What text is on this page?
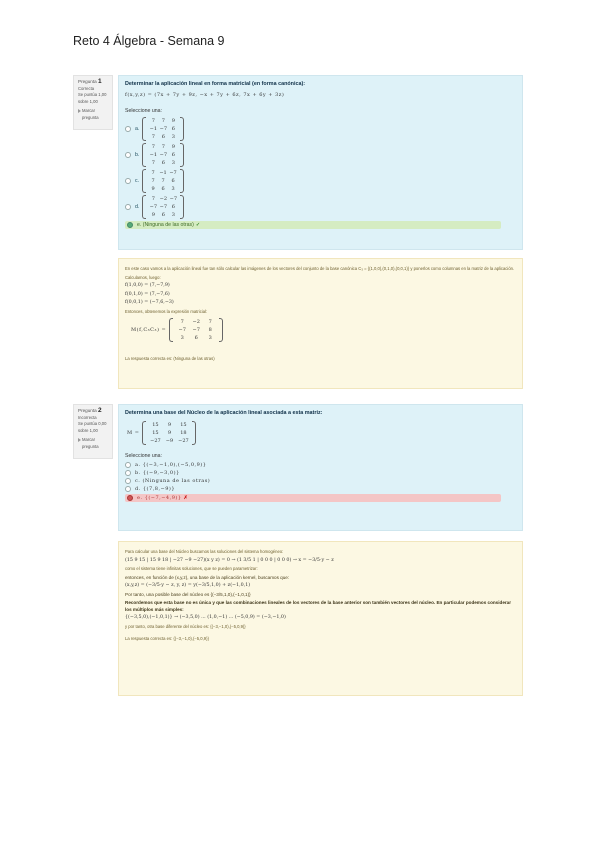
Reto 4 Álgebra - Semana 9
Pregunta 1
Correcta
Se puntúa 1,00 sobre 1,00
Marcar pregunta
Determinar la aplicación lineal en forma matricial (en forma canónica):
f(x,y,z) = (7x + 7y + 9z, −x + 7y + 6z, 7x + 6y + 3z)
Seleccione una:
a.
7	7	9
−1 −7 6
7	6	3
b.
7	7	9
−1 −7 6
7	6	3
c.
7 −1 −7
7	7	6
9	6	3
d.
7 −2 −7
−7 −7 6
9	6	3
e. (Ninguna de las otras) ✓
En este caso vamos a la aplicación lineal fue tan sólo calcular las imágenes de los vectores del conjunto de la base canónica C₃ = {(1,0,0),(0,1,0),(0,0,1)} y ponerlos como columnas en la matriz de la aplicación.
Calculamos, luego:
f(1,0,0) = (7,−7,9)
f(0,1,0) = (7,−7,6)
f(0,0,1) = (−7,6,−3)
Entonces, obtenemos la expresión matricial:
M(f,C₃C₃) =
7	−2	7
−7	−7	8
3	6	3
La respuesta correcta es: (Ninguna de las otras)
Pregunta 2
Incorrecta
Se puntúa 0,00 sobre 1,00
Marcar pregunta
Determina una base del Núcleo de la aplicación lineal asociada a esta matriz:
M =
15	9	15
15	9	18
−27	−9	−27
Seleccione una:
a. {(−3,−1,0),(−5,0,9)}
b. {(−9,−3,0)}
c. (Ninguna de las otras)
d. {(7,8,−9)}
e. {(−7,−4,9)} ✗
Para calcular una base del Núcleo buscamos las soluciones del sistema homogéneo:
(15 9 15 | 15 9 18 | −27 −9 −27)(x y z) = 0 → (1 3/5 1 | 0 0 0 | 0 0 0) → x = −3/5·y − z
como el sistema tiene infinitas soluciones, que se pueden parametrizar:
entonces, en función de (x,y,z), una base de la aplicación kernel, buscamos que:
(x,y,z) = (−3/5·y − z, y, z) = y(−3/5,1,0) + z(−1,0,1)
Por tanto, una posible base del núcleo es {(−3/5,1,0),(−1,0,1)}
Recordemos que esta base no es única y que las combinaciones lineales de los vectores de la base anterior son también vectores del núcleo. En particular podemos considerar los múltiplos más simples:
{(−3,5,0),(−1,0,1)} → (−3,5,0) ... (1,0,−1) ... (−5,0,9) = (−3,−1,0)
y por tanto, otra base diferente del núcleo es: {(−3,−1,0),(−5,0,9)}
La respuesta correcta es: {(−3,−1,0),(−5,0,9)}
